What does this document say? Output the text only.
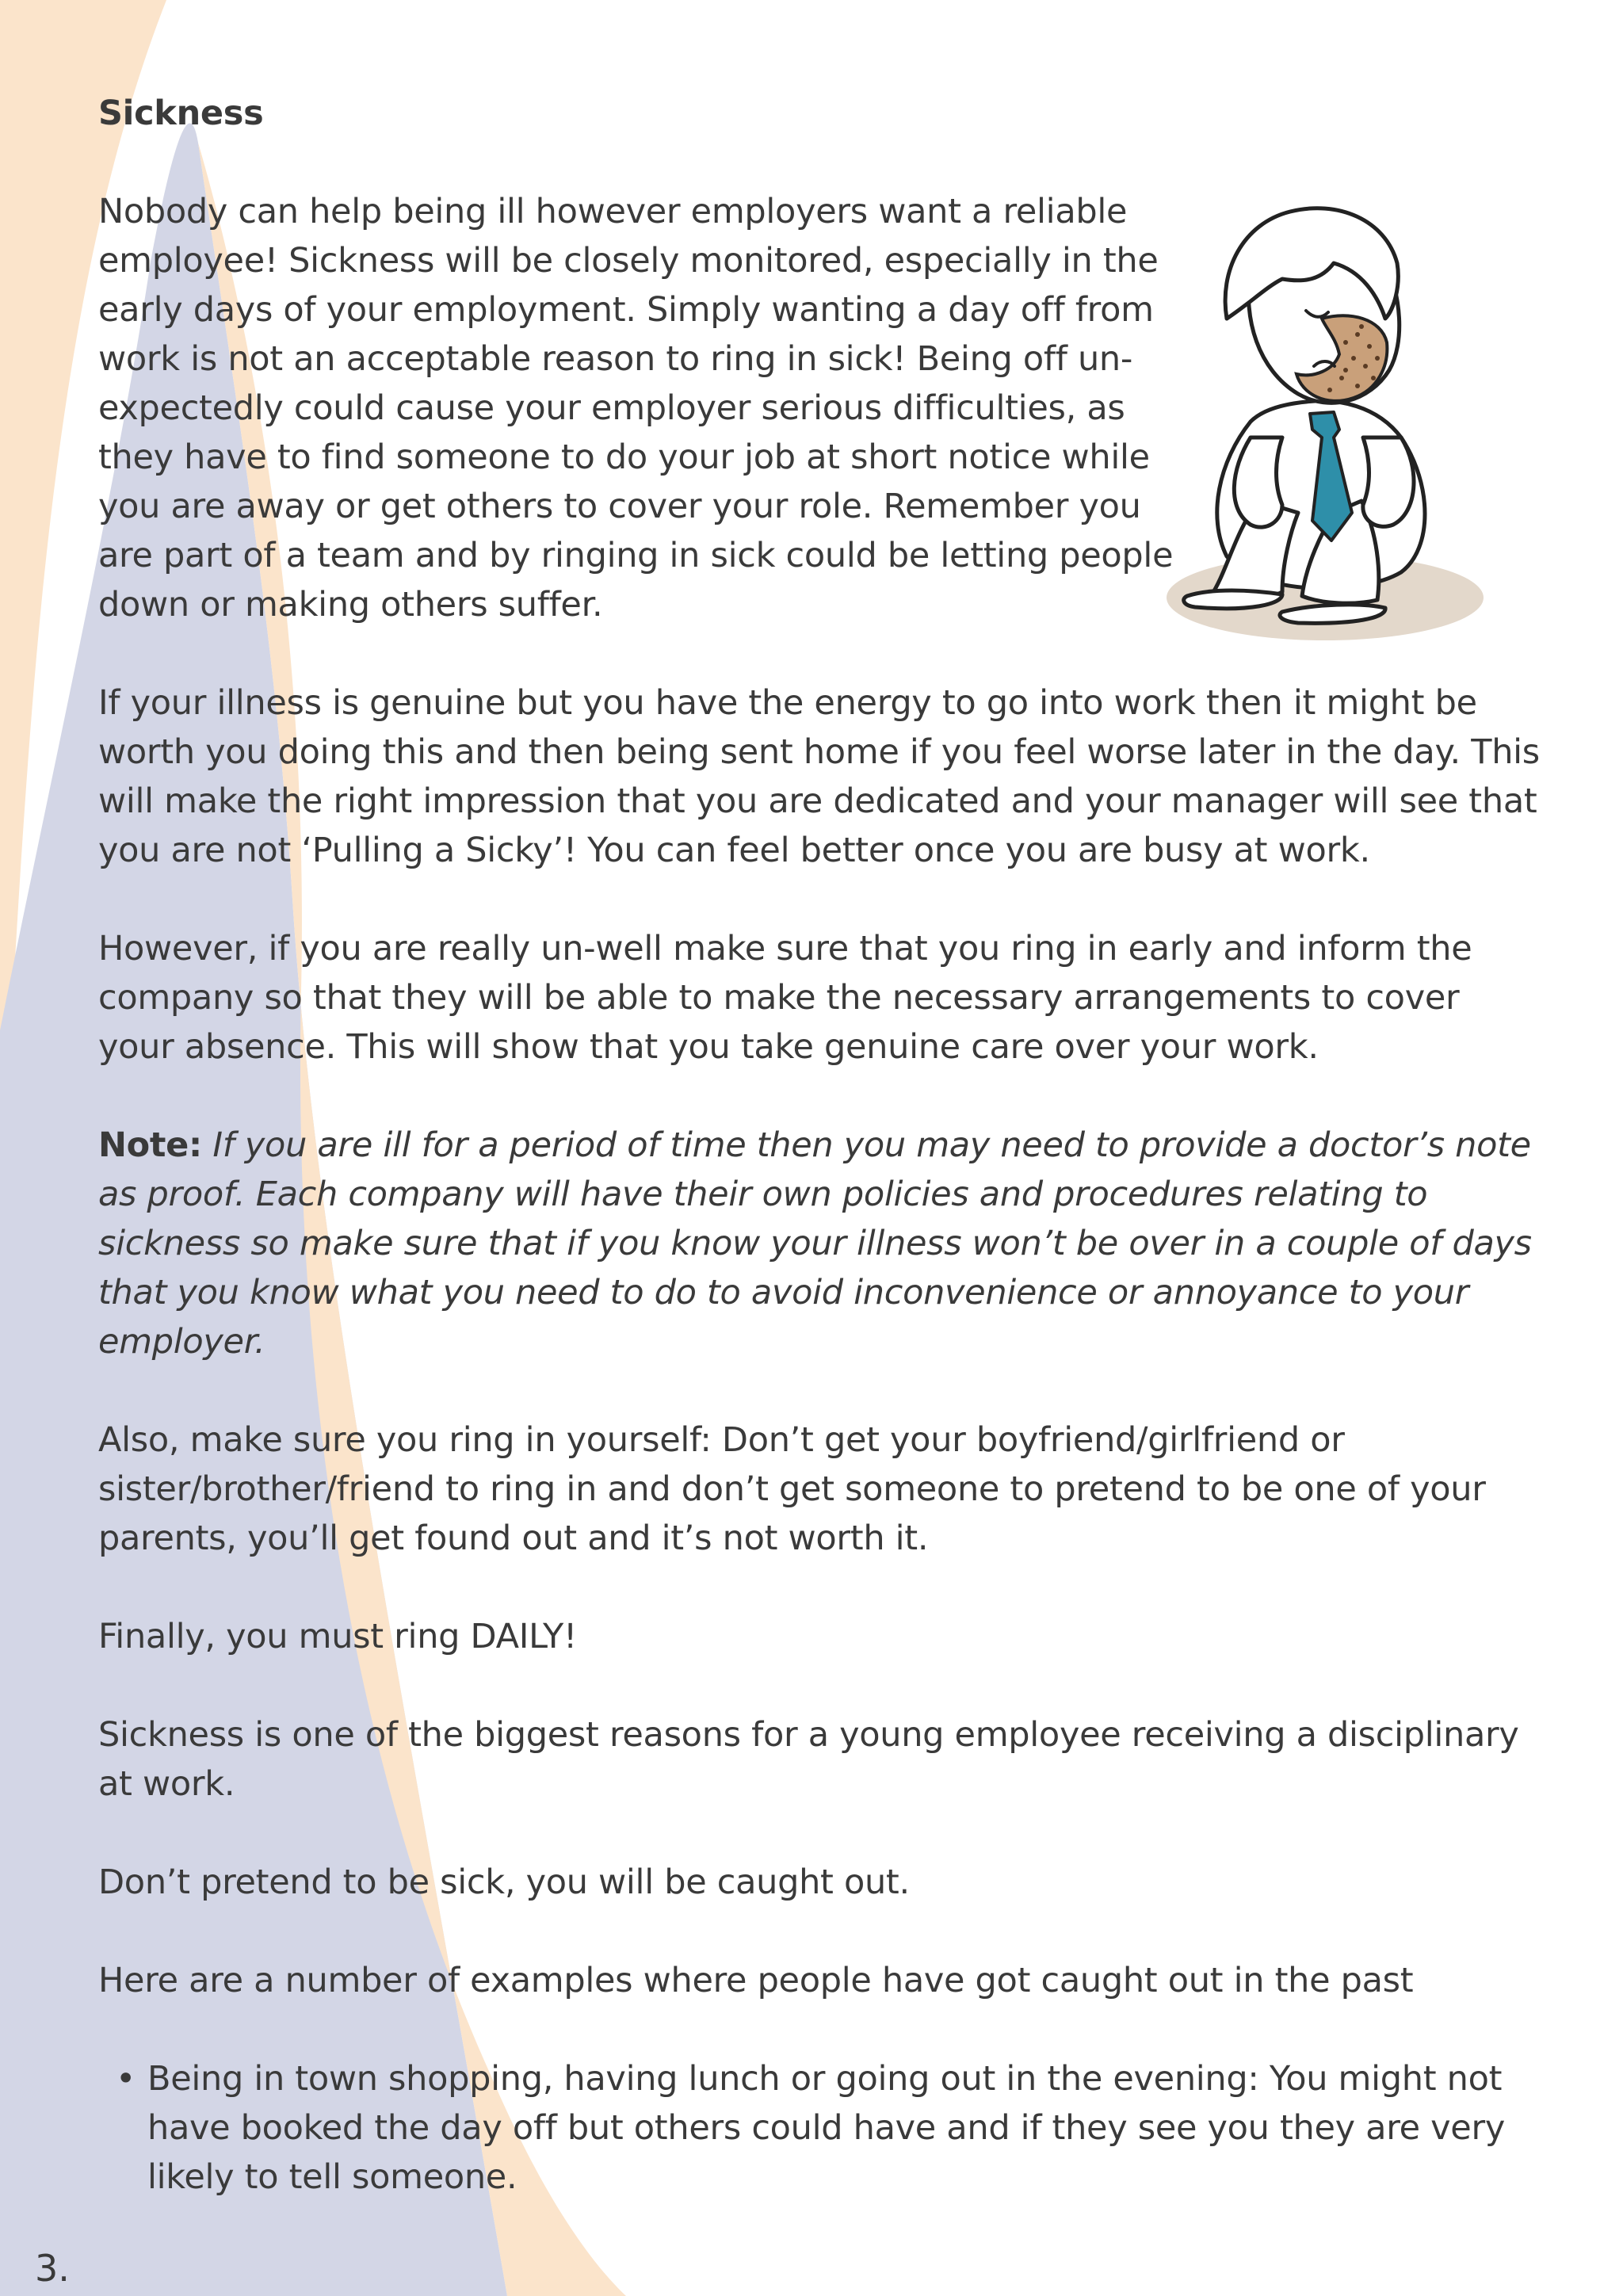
Sickness

Nobody can help being ill however employers want a reliable employee! Sickness will be closely monitored, especially in the early days of your employment. Simply wanting a day off from work is not an acceptable reason to ring in sick! Being off un-expectedly could cause your employer serious difficulties, as they have to find someone to do your job at short notice while you are away or get others to cover your role. Remember you are part of a team and by ringing in sick could be letting people down or making others suffer.

If your illness is genuine but you have the energy to go into work then it might be worth you doing this and then being sent home if you feel worse later in the day. This will make the right impression that you are dedicated and your manager will see that you are not ‘Pulling a Sicky’! You can feel better once you are busy at work.

However, if you are really un-well make sure that you ring in early and inform the company so that they will be able to make the necessary arrangements to cover your absence. This will show that you take genuine care over your work.

Note: If you are ill for a period of time then you may need to provide a doctor’s note as proof. Each company will have their own policies and procedures relating to sickness so make sure that if you know your illness won’t be over in a couple of days that you know what you need to do to avoid inconvenience or annoyance to your employer.

Also, make sure you ring in yourself: Don’t get your boyfriend/girlfriend or sister/brother/friend to ring in and don’t get someone to pretend to be one of your parents, you’ll get found out and it’s not worth it.

Finally, you must ring DAILY!

Sickness is one of the biggest reasons for a young employee receiving a disciplinary at work.

Don’t pretend to be sick, you will be caught out.

Here are a number of examples where people have got caught out in the past

• Being in town shopping, having lunch or going out in the evening: You might not have booked the day off but others could have and if they see you they are very likely to tell someone.
3.
